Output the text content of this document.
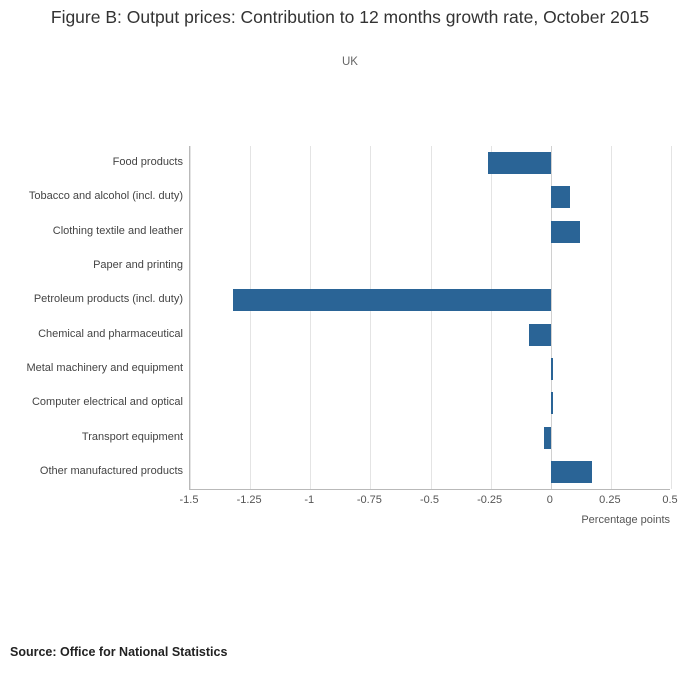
Figure B: Output prices: Contribution to 12 months growth rate, October 2015
UK
Food products
Tobacco and alcohol (incl. duty)
Clothing textile and leather
Paper and printing
Petroleum products (incl. duty)
Chemical and pharmaceutical
Metal machinery and equipment
Computer electrical and optical
Transport equipment
Other manufactured products
Percentage points
Source: Office for National Statistics
-1.5	-1.25	-1	-0.75	-0.5	-0.25	0	0.25	0.5
